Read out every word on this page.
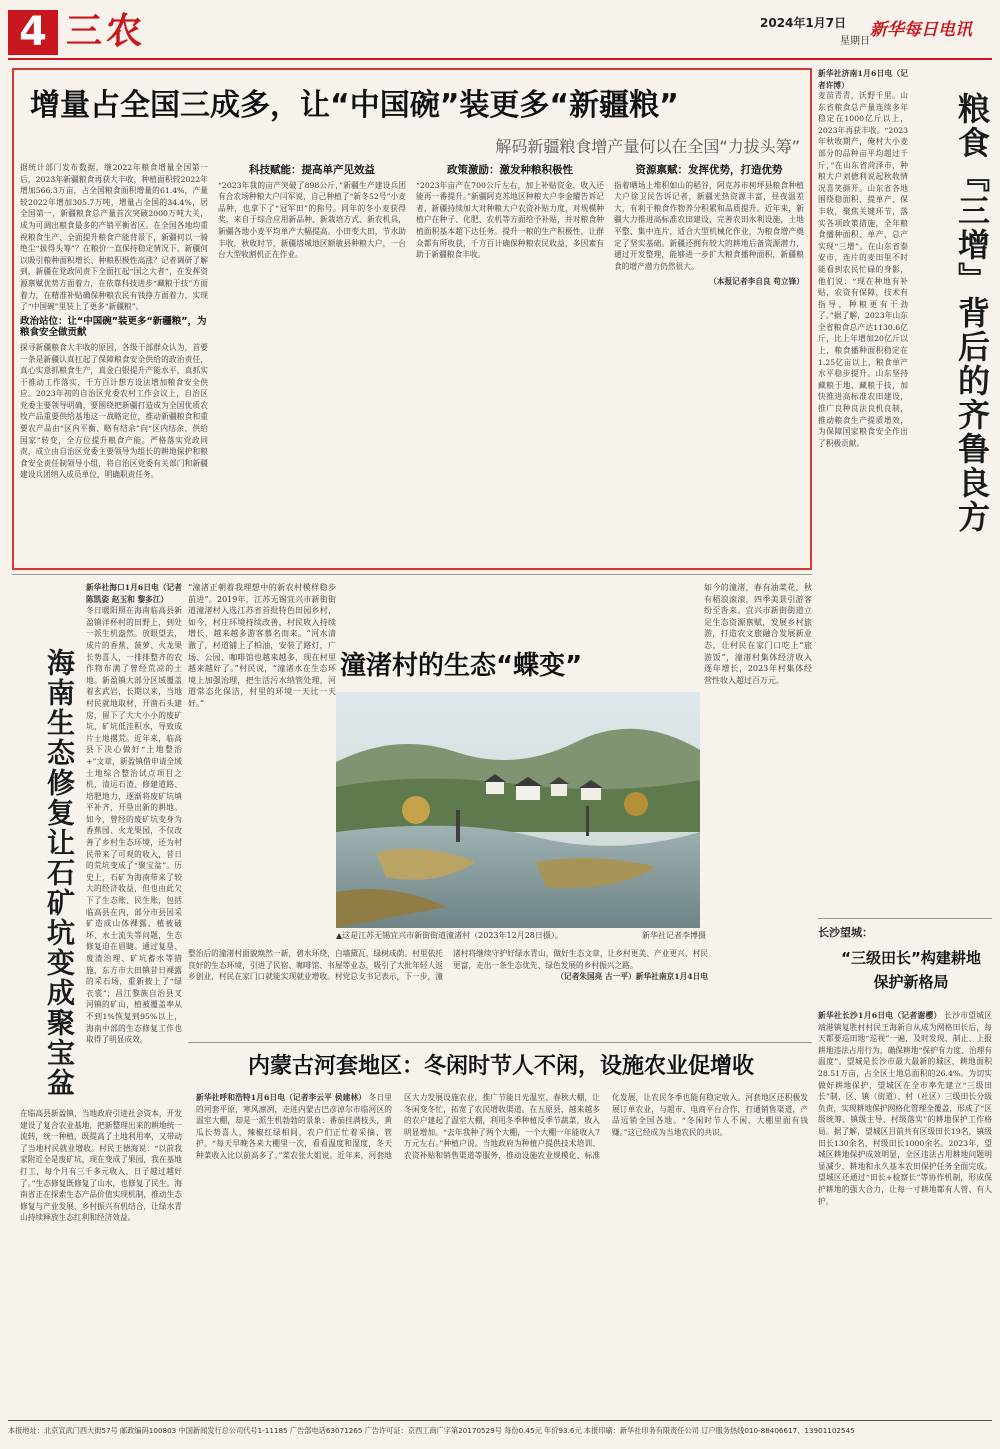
4 三农	2024年1月7日
星期日
新华每日电讯
增量占全国三成多，让“中国碗”装更多“新疆粮”
解码新疆粮食增产量何以在全国“力拔头筹”
据统计部门发布数据，继2022年粮食增量全国第一后，2023年新疆粮食再获大丰收，种植面积较2022年增加566.3万亩，占全国粮食面积增量的61.4%，产量较2022年增加305.7万吨，增量占全国的34.4%，居全国第一，新疆粮食总产量首次突破2000万吨大关，成为可调出粮食最多的产销平衡省区。在全国各地均重视粮食生产、全面提升粮食产能背景下，新疆何以一骑绝尘“拔得头筹”？在粮价一直保持稳定情况下，新疆何以吸引粮种面积增长、种粮积极性高涨？记者调研了解到，新疆在党政同责下全面扛起“国之大者”，在发挥资源禀赋优势方面着力，在依靠科技进步“藏粮于技”方面着力，在精准补贴确保种粮农民有钱挣方面着力，实现了“中国碗”里装上了更多“新疆粮”。
政治站位：让“中国碗”装更多“新疆粮”，为粮食安全做贡献
探寻新疆粮食大丰收的原因，各级干部群众认为，首要一条是新疆认真扛起了保障粮食安全供给的政治责任，真心实意抓粮食生产，真金白银提升产能水平，真抓实干推动工作落实，千方百计想方设法增加粮食安全供应。2023年初的自治区党委农村工作会议上，自治区党委主要领导明确，要围绕把新疆打造成为全国优质农牧产品重要供给基地这一战略定位，推动新疆粮食和重要农产品由“区内平衡、略有结余”向“区内结余、供给国家”转变，全方位提升粮食产能。严格落实党政同责，成立由自治区党委主要领导为组长的耕地保护和粮食安全责任制领导小组，将自治区党委有关部门和新疆建设兵团纳入成员单位，明确职责任务。
科技赋能：提高单产见效益
“2023年我的亩产突破了898公斤，”新疆生产建设兵团有合农场种粮大户闫军说，自己种植了“新冬52号”小麦品种，也拿下了“冠军田”的称号。同年的冬小麦获得奖，来自于综合应用新品种、新栽培方式、新农机具，新疆各地小麦平均单产大幅提高。小田变大田，节水助丰收，秋收时节，新疆塔城地区额敏县种粮大户，一台台大型收割机正在作业。
政策激励：激发种粮积极性
“2023年亩产在700公斤左右，加上补贴资金，收入还能再一番提升。”新疆阿克苏地区种粮大户李金耀告诉记者，新疆持续加大对种粮大户农资补贴力度，对规模种植户在种子、化肥、农机等方面给予补贴，并对粮食种植面积基本超下达任务。提升一粮的生产积极性，让群众都有所收获，千方百计确保种粮农民收益，多因素有助于新疆粮食丰收。
资源禀赋：发挥优势，打造优势
指着晒场上堆积如山的稻谷，阿克苏市柯坪县粮食种植大户徐卫民告诉记者，新疆光热资源丰富，昼夜温差大，有利于粮食作物养分积累和品质提升。近年来，新疆大力推进高标准农田建设，完善农田水利设施，土地平整、集中连片，适合大型机械化作业，为粮食增产奠定了坚实基础。新疆还拥有较大的耕地后备资源潜力，通过开发整理，能够进一步扩大粮食播种面积，新疆粮食的增产潜力仍然很大。
（本报记者李自良 苟立锋）
新华社济南1月6日电（记者许博）
粮食『三增』背后的齐鲁良方
麦苗青青，沃野千里。山东省粮食总产量连续多年稳定在1000亿斤以上，2023年再获丰收。“2023年秋收期产，俺村大小麦部分的品种亩平均超过千斤，”在山东省菏泽市，种粮大户刘德利说起秋收情况喜笑颜开。山东省各地围绕稳面积、提单产、保丰收，聚焦关键环节，落实各项政策措施，全年粮食播种面积、单产、总产实现“三增”。在山东省泰安市，连片的麦田里不时能看到农民忙碌的身影，他们说：“现在种地有补贴，农资有保障，技术有指导，种粮更有干劲了。”据了解，2023年山东全省粮食总产达1130.6亿斤，比上年增加20亿斤以上，粮食播种面积稳定在1.25亿亩以上，粮食单产水平稳步提升。山东坚持藏粮于地、藏粮于技，加快推进高标准农田建设，推广良种良法良机良制，推动粮食生产提质增效，为保障国家粮食安全作出了积极贡献。
海南生态修复让石矿坑变成聚宝盆
新华社海口1月6日电（记者陈凯姿 赵玉和 黎多江）
冬日暖阳照在海南临高县新盈镇洋杯村的田野上，到处一派生机盎然。放眼望去，成片的香蕉、菠萝、火龙果长势喜人，一排排整齐的农作物布满了曾经荒凉的土地。新盈镇大部分区域覆盖着玄武岩，长期以来，当地村民就地取材，开凿石头建房，留下了大大小小的废矿坑，矿坑低洼积水，导致成片土地撂荒。近年来，临高县下决心做好“土地整治+”文章，新盈镇借申请全域土地综合整治试点项目之机，清运石渣、修建道路、培肥地力，逐渐将废矿坑填平补齐，开垦出新的耕地。如今，曾经的废矿坑变身为香蕉园、火龙果园，不仅改善了乡村生态环境，还为村民带来了可观的收入，昔日的荒坑变成了“聚宝盆”。历史上，石矿为海南带来了较大的经济收益，但也由此欠下了生态账、民生账，包括临高县在内，部分市县因采矿造成山体裸露、植被破坏、水土流失等问题，生态修复迫在眉睫。通过复垦、废渣治理、矿坑蓄水等措施，东方市大田镇昔日裸露的采石场，重新披上了“绿衣裳”；昌江黎族自治县叉河镇的矿山，植被覆盖率从不到1%恢复到95%以上，海南中部的生态修复工作也取得了明显成效。
在临高县新盈镇，当地政府引进社会资本，开发建设了复合农业基地，把新整理出来的耕地统一流转，统一种植，既提高了土地利用率，又带动了当地村民就业增收。村民王德海说：“以前我家附近全是废矿坑，现在变成了果园，我在基地打工，每个月有三千多元收入，日子越过越好了。”生态修复既修复了山水，也修复了民生。海南省正在探索生态产品价值实现机制，推动生态修复与产业发展、乡村振兴有机结合，让绿水青山持续释放生态红利和经济效益。
“潼渚正朝着我理想中的新农村模样稳步前进”。2019年，江苏无锡宜兴市新街街道潼渚村入选江苏省首批特色田园乡村，如今，村庄环境持续改善，村民收入持续增长，越来越多游客慕名而来。“河水清澈了，村道铺上了柏油，安装了路灯，广场、公园、咖啡馆也越来越多，现在村里越来越好了。”村民说，“潼渚水在生态环境上加强治理，把生活污水纳管处理，河道常态化保洁，村里的环境一天比一天好。”
潼渚村的生态“蝶变”
如今的潼渚，春有油菜花，秋有稻浪滚滚，四季美景引游客纷至沓来。宜兴市新街街道立足生态资源禀赋，发展乡村旅游，打造农文旅融合发展新业态，让村民在家门口吃上“旅游饭”，潼渚村集体经济收入逐年增长，2023年村集体经营性收入超过百万元。
▲这是江苏无锡宜兴市新街街道潼渚村（2023年12月28日摄）。	新华社记者李博摄
整治后的潼渚村面貌焕然一新，碧水环绕，白墙黛瓦，绿树成荫。村里依托良好的生态环境，引进了民宿、咖啡馆、书屋等业态，吸引了大批年轻人返乡创业，村民在家门口就能实现就业增收。村党总支书记表示，下一步，潼渚村将继续守护好绿水青山，做好生态文章，让乡村更美、产业更兴、村民更富，走出一条生态优先、绿色发展的乡村振兴之路。
（记者朱国亮 古一平）新华社南京1月4日电
内蒙古河套地区：冬闲时节人不闲，设施农业促增收
新华社呼和浩特1月6日电（记者李云平 侯建林） 冬日里的河套平原，寒风凛冽，走进内蒙古巴彦淖尔市临河区的温室大棚，却是一派生机勃勃的景象：番茄挂满枝头，黄瓜长势喜人，辣椒红绿相间，农户们正忙着采摘、管护。“每天早晚各来大棚里一次，看看温度和湿度，冬天种菜收入比以前高多了。”菜农张大姐说。近年来，河套地区大力发展设施农业，推广节能日光温室、春秋大棚，让冬闲变冬忙，拓宽了农民增收渠道。在五原县，越来越多的农户建起了温室大棚，利用冬季种植反季节蔬菜，收入明显增加。“去年我种了两个大棚，一个大棚一年能收入7万元左右。”种植户说。当地政府为种植户提供技术培训、农资补贴和销售渠道等服务，推动设施农业规模化、标准化发展，让农民冬季也能有稳定收入。河套地区还积极发展订单农业，与超市、电商平台合作，打通销售渠道，产品远销全国各地。“冬闲时节人不闲，大棚里面有钱赚。”这已经成为当地农民的共识。
长沙望城：
“三级田长”构建耕地保护新格局
新华社长沙1月6日电（记者谢樱） 长沙市望城区靖港镇复胜村村民王海新自从成为网格田长后，每天都要巡田地“巡视”一遍，及时发现、制止、上报耕地违法占用行为，确保耕地“保护有力度、治理有温度”。望城是长沙市最大最新的城区，耕地面积28.51万亩，占全区土地总面积的26.4%。为切实做好耕地保护，望城区在全市率先建立“三级田长”制，区、镇（街道）、村（社区）三级田长分级负责，实现耕地保护网格化管理全覆盖，形成了“区级统筹、镇级主导、村级落实”的耕地保护工作格局。据了解，望城区目前共有区级田长19名，镇级田长130余名，村级田长1000余名。2023年，望城区耕地保护成效明显，全区违法占用耕地问题明显减少，耕地和永久基本农田保护任务全面完成。望城区还通过“田长+检察长”等协作机制，形成保护耕地的强大合力，让每一寸耕地都有人管、有人护。
本报地址：北京宣武门西大街57号 邮政编码100803 中国新闻发行总公司代号1-11185 广告部电话63071265 广告许可证：京西工商广字第20170529号 每份0.45元 年价93.6元 本报印刷：新华社印务有限责任公司 订户服务热线010-88406617、13901102545
